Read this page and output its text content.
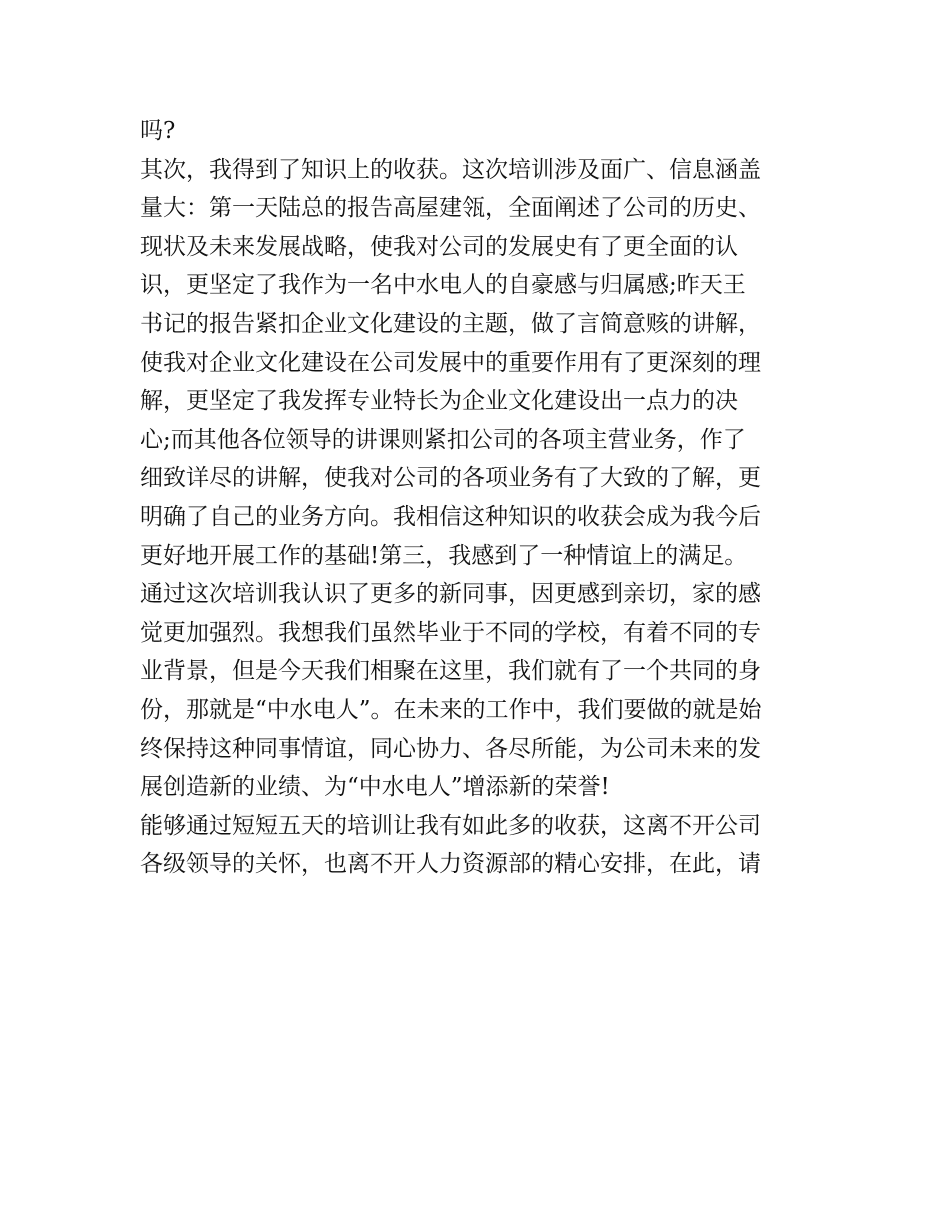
吗?
其次，我得到了知识上的收获。这次培训涉及面广、信息涵盖
量大：第一天陆总的报告高屋建瓴，全面阐述了公司的历史、
现状及未来发展战略，使我对公司的发展史有了更全面的认
识，更坚定了我作为一名中水电人的自豪感与归属感;昨天王
书记的报告紧扣企业文化建设的主题，做了言简意赅的讲解，
使我对企业文化建设在公司发展中的重要作用有了更深刻的理
解，更坚定了我发挥专业特长为企业文化建设出一点力的决
心;而其他各位领导的讲课则紧扣公司的各项主营业务，作了
细致详尽的讲解，使我对公司的各项业务有了大致的了解，更
明确了自己的业务方向。我相信这种知识的收获会成为我今后
更好地开展工作的基础!第三，我感到了一种情谊上的满足。
通过这次培训我认识了更多的新同事，因更感到亲切，家的感
觉更加强烈。我想我们虽然毕业于不同的学校，有着不同的专
业背景，但是今天我们相聚在这里，我们就有了一个共同的身
份，那就是“中水电人”。在未来的工作中，我们要做的就是始
终保持这种同事情谊，同心协力、各尽所能，为公司未来的发
展创造新的业绩、为“中水电人”增添新的荣誉!
能够通过短短五天的培训让我有如此多的收获，这离不开公司
各级领导的关怀，也离不开人力资源部的精心安排，在此，请
